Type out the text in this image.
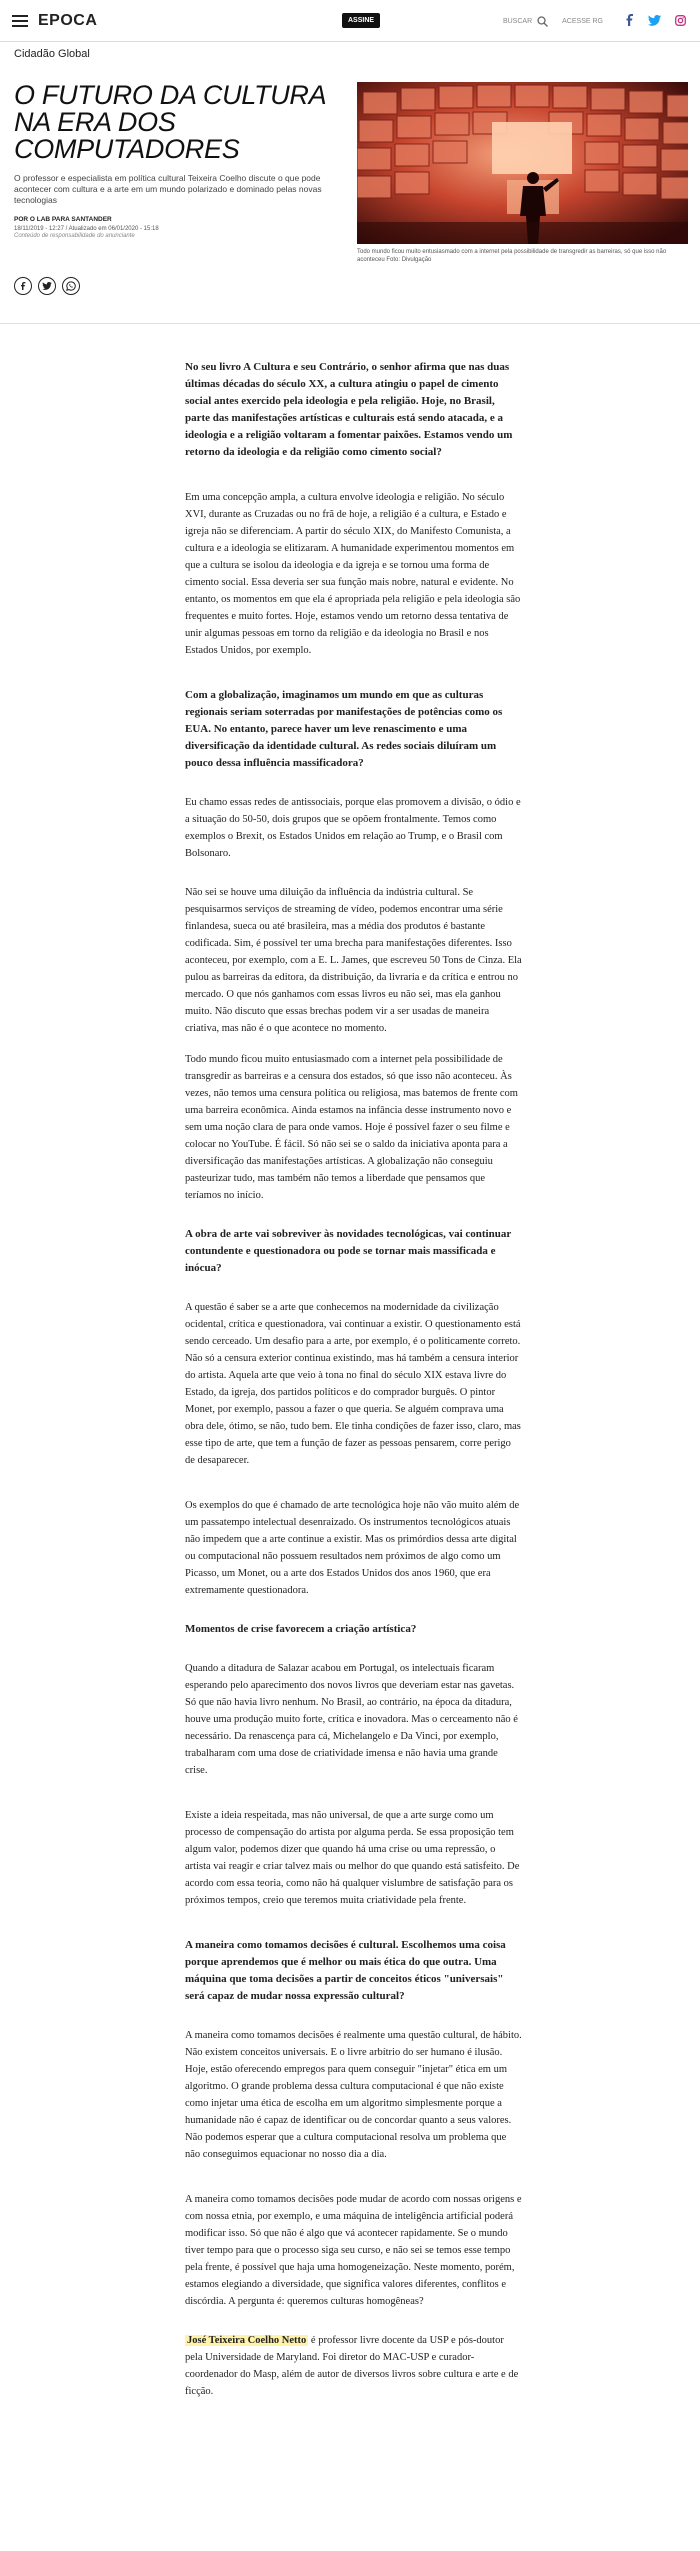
EPOCA	ASSINE	BUSCAR	ACESSE RG
Cidadão Global
O FUTURO DA CULTURA NA ERA DOS COMPUTADORES

O professor e especialista em política cultural Teixeira Coelho discute o que pode acontecer com cultura e a arte em um mundo polarizado e dominado pelas novas tecnologias

POR O LAB PARA SANTANDER

18/11/2019 - 12:27 / Atualizado em 06/01/2020 - 15:18

Conteúdo de responsabilidade do anunciante

Todo mundo ficou muito entusiasmado com a internet pela possibilidade de transgredir as barreiras, só que isso não aconteceu Foto: Divulgação

No seu livro A Cultura e seu Contrário, o senhor afirma que nas duas últimas décadas do século XX, a cultura atingiu o papel de cimento social antes exercido pela ideologia e pela religião. Hoje, no Brasil, parte das manifestações artísticas e culturais está sendo atacada, e a ideologia e a religião voltaram a fomentar paixões. Estamos vendo um retorno da ideologia e da religião como cimento social?

Em uma concepção ampla, a cultura envolve ideologia e religião. No século XVI, durante as Cruzadas ou no frã de hoje, a religião é a cultura, e Estado e igreja não se diferenciam. A partir do século XIX, do Manifesto Comunista, a cultura e a ideologia se elitizaram. A humanidade experimentou momentos em que a cultura se isolou da ideologia e da igreja e se tornou uma forma de cimento social. Essa deveria ser sua função mais nobre, natural e evidente. No entanto, os momentos em que ela é apropriada pela religião e pela ideologia são frequentes e muito fortes. Hoje, estamos vendo um retorno dessa tentativa de unir algumas pessoas em torno da religião e da ideologia no Brasil e nos Estados Unidos, por exemplo.

Com a globalização, imaginamos um mundo em que as culturas regionais seriam soterradas por manifestações de potências como os EUA. No entanto, parece haver um leve renascimento e uma diversificação da identidade cultural. As redes sociais diluíram um pouco dessa influência massificadora?

Eu chamo essas redes de antissociais, porque elas promovem a divisão, o ódio e a situação do 50-50, dois grupos que se opõem frontalmente. Temos como exemplos o Brexit, os Estados Unidos em relação ao Trump, e o Brasil com Bolsonaro.

Não sei se houve uma diluição da influência da indústria cultural. Se pesquisarmos serviços de streaming de vídeo, podemos encontrar uma série finlandesa, sueca ou até brasileira, mas a média dos produtos é bastante codificada. Sim, é possível ter uma brecha para manifestações diferentes. Isso aconteceu, por exemplo, com a E. L. James, que escreveu 50 Tons de Cinza. Ela pulou as barreiras da editora, da distribuição, da livraria e da crítica e entrou no mercado. O que nós ganhamos com essas livros eu não sei, mas ela ganhou muito. Não discuto que essas brechas podem vir a ser usadas de maneira criativa, mas não é o que acontece no momento.

Todo mundo ficou muito entusiasmado com a internet pela possibilidade de transgredir as barreiras e a censura dos estados, só que isso não aconteceu. Às vezes, não temos uma censura política ou religiosa, mas batemos de frente com uma barreira econômica. Ainda estamos na infância desse instrumento novo e sem uma noção clara de para onde vamos. Hoje é possível fazer o seu filme e colocar no YouTube. É fácil. Só não sei se o saldo da iniciativa aponta para a diversificação das manifestações artísticas. A globalização não conseguiu pasteurizar tudo, mas também não temos a liberdade que pensamos que teríamos no início.

A obra de arte vai sobreviver às novidades tecnológicas, vai continuar contundente e questionadora ou pode se tornar mais massificada e inócua?

A questão é saber se a arte que conhecemos na modernidade da civilização ocidental, crítica e questionadora, vai continuar a existir. O questionamento está sendo cerceado. Um desafio para a arte, por exemplo, é o politicamente correto. Não só a censura exterior continua existindo, mas há também a censura interior do artista. Aquela arte que veio à tona no final do século XIX estava livre do Estado, da igreja, dos partidos políticos e do comprador burguês. O pintor Monet, por exemplo, passou a fazer o que queria. Se alguém comprava uma obra dele, ótimo, se não, tudo bem. Ele tinha condições de fazer isso, claro, mas esse tipo de arte, que tem a função de fazer as pessoas pensarem, corre perigo de desaparecer.

Os exemplos do que é chamado de arte tecnológica hoje não vão muito além de um passatempo intelectual desenraizado. Os instrumentos tecnológicos atuais não impedem que a arte continue a existir. Mas os primórdios dessa arte digital ou computacional não possuem resultados nem próximos de algo como um Picasso, um Monet, ou a arte dos Estados Unidos dos anos 1960, que era extremamente questionadora.

Momentos de crise favorecem a criação artística?

Quando a ditadura de Salazar acabou em Portugal, os intelectuais ficaram esperando pelo aparecimento dos novos livros que deveriam estar nas gavetas. Só que não havia livro nenhum. No Brasil, ao contrário, na época da ditadura, houve uma produção muito forte, crítica e inovadora. Mas o cerceamento não é necessário. Da renascença para cá, Michelangelo e Da Vinci, por exemplo, trabalharam com uma dose de criatividade imensa e não havia uma grande crise.

Existe a ideia respeitada, mas não universal, de que a arte surge como um processo de compensação do artista por alguma perda. Se essa proposição tem algum valor, podemos dizer que quando há uma crise ou uma repressão, o artista vai reagir e criar talvez mais ou melhor do que quando está satisfeito. De acordo com essa teoria, como não há qualquer vislumbre de satisfação para os próximos tempos, creio que teremos muita criatividade pela frente.

A maneira como tomamos decisões é cultural. Escolhemos uma coisa porque aprendemos que é melhor ou mais ética do que outra. Uma máquina que toma decisões a partir de conceitos éticos "universais" será capaz de mudar nossa expressão cultural?

A maneira como tomamos decisões é realmente uma questão cultural, de hábito. Não existem conceitos universais. E o livre arbítrio do ser humano é ilusão. Hoje, estão oferecendo empregos para quem conseguir "injetar" ética em um algoritmo. O grande problema dessa cultura computacional é que não existe como injetar uma ética de escolha em um algoritmo simplesmente porque a humanidade não é capaz de identificar ou de concordar quanto a seus valores. Não podemos esperar que a cultura computacional resolva um problema que não conseguimos equacionar no nosso dia a dia.

A maneira como tomamos decisões pode mudar de acordo com nossas origens e com nossa etnia, por exemplo, e uma máquina de inteligência artificial poderá modificar isso. Só que não é algo que vá acontecer rapidamente. Se o mundo tiver tempo para que o processo siga seu curso, e não sei se temos esse tempo pela frente, é possível que haja uma homogeneização. Neste momento, porém, estamos elegiando a diversidade, que significa valores diferentes, conflitos e discórdia. A pergunta é: queremos culturas homogêneas?

José Teixeira Coelho Netto é professor livre docente da USP e pós-doutor pela Universidade de Maryland. Foi diretor do MAC-USP e curador-coordenador do Masp, além de autor de diversos livros sobre cultura e arte e de ficção.
